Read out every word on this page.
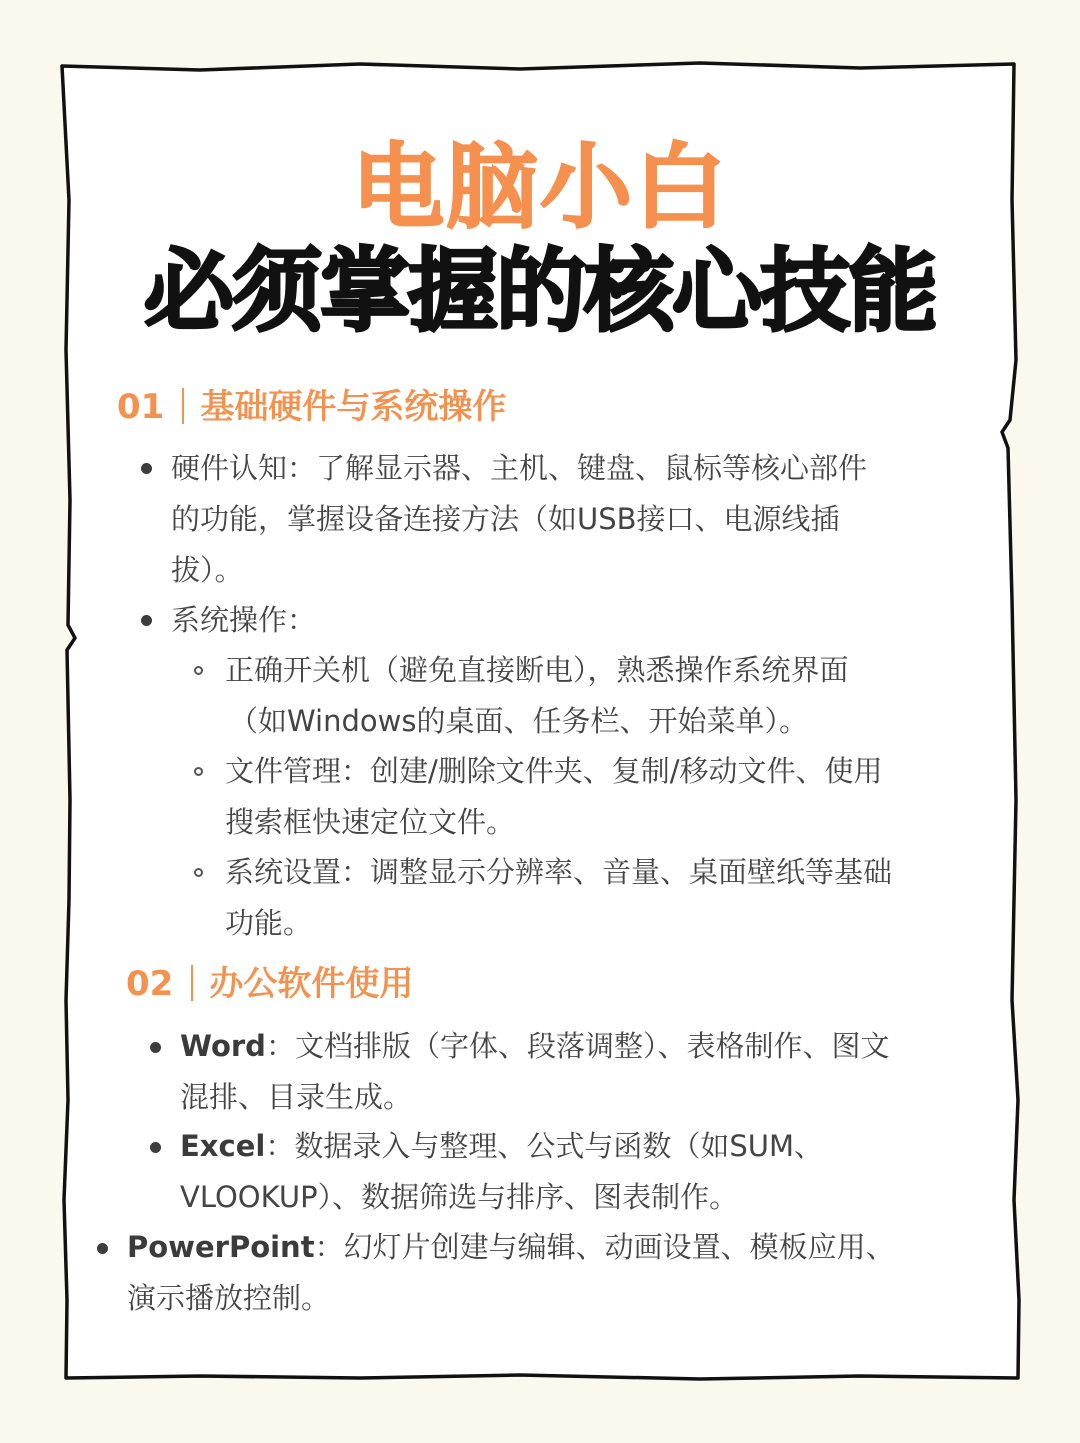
电脑小白
必须掌握的核心技能
01 基础硬件与系统操作
硬件认知：了解显示器、主机、键盘、鼠标等核心部件
的功能，掌握设备连接方法（如USB接口、电源线插
拔）。
系统操作：
正确开关机（避免直接断电），熟悉操作系统界面
（如Windows的桌面、任务栏、开始菜单）。
文件管理：创建/删除文件夹、复制/移动文件、使用
搜索框快速定位文件。
系统设置：调整显示分辨率、音量、桌面壁纸等基础
功能。
02 办公软件使用
Word：文档排版（字体、段落调整）、表格制作、图文
混排、目录生成。
Excel：数据录入与整理、公式与函数（如SUM、
VLOOKUP）、数据筛选与排序、图表制作。
PowerPoint：幻灯片创建与编辑、动画设置、模板应用、
演示播放控制。
